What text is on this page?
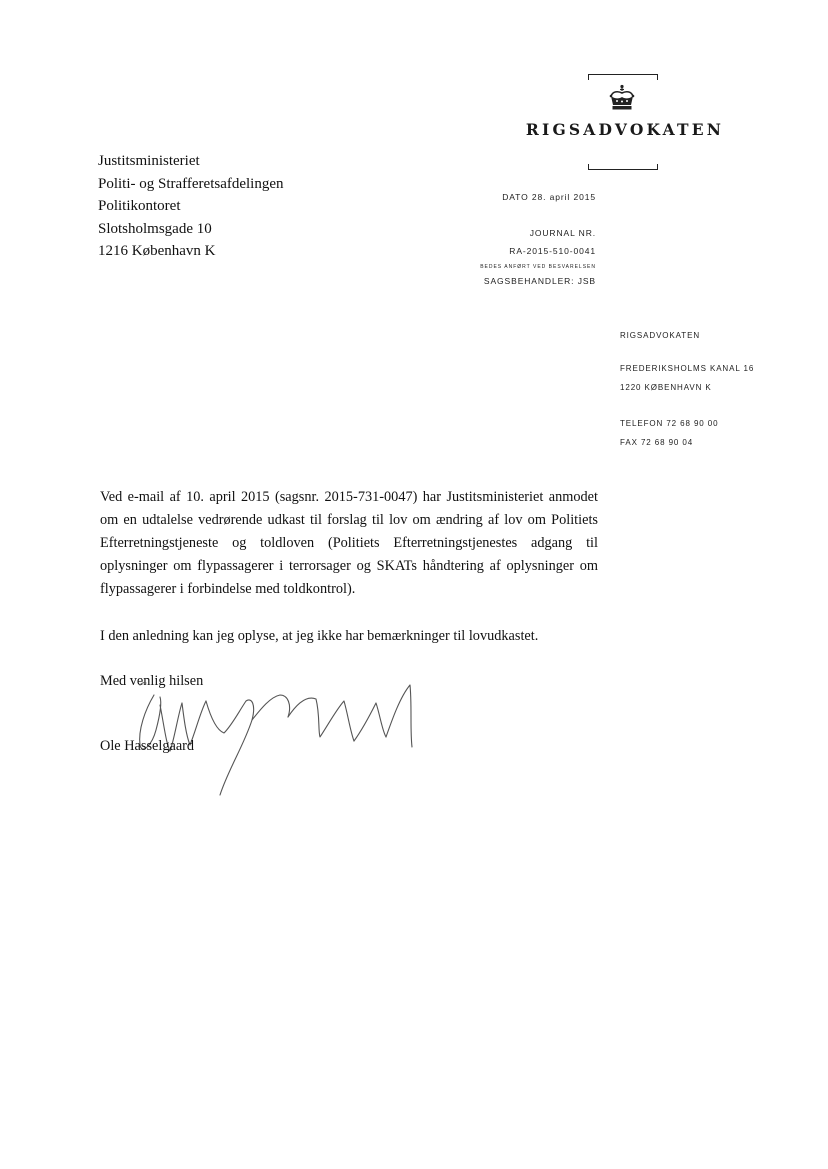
RIGSADVOKATEN
Justitsministeriet
Politi- og Strafferetsafdelingen
Politikontoret
Slotsholmsgade 10
1216 København K
DATO 28. april 2015
JOURNAL NR.
RA-2015-510-0041
BEDES ANFØRT VED BESVARELSEN
SAGSBEHANDLER: JSB
RIGSADVOKATEN
FREDERIKSHOLMS KANAL 16
1220 KØBENHAVN K
TELEFON 72 68 90 00
FAX 72 68 90 04

Ved e-mail af 10. april 2015 (sagsnr. 2015-731-0047) har Justitsministeriet anmodet om en udtalelse vedrørende udkast til forslag til lov om ændring af lov om Politiets Efterretningstjeneste og toldloven (Politiets Efterretningstjenestes adgang til oplysninger om flypassagerer i terrorsager og SKATs håndtering af oplysninger om flypassagerer i forbindelse med toldkontrol).

I den anledning kan jeg oplyse, at jeg ikke har bemærkninger til lovudkastet.

Med venlig hilsen
Ole Hasselgaard
